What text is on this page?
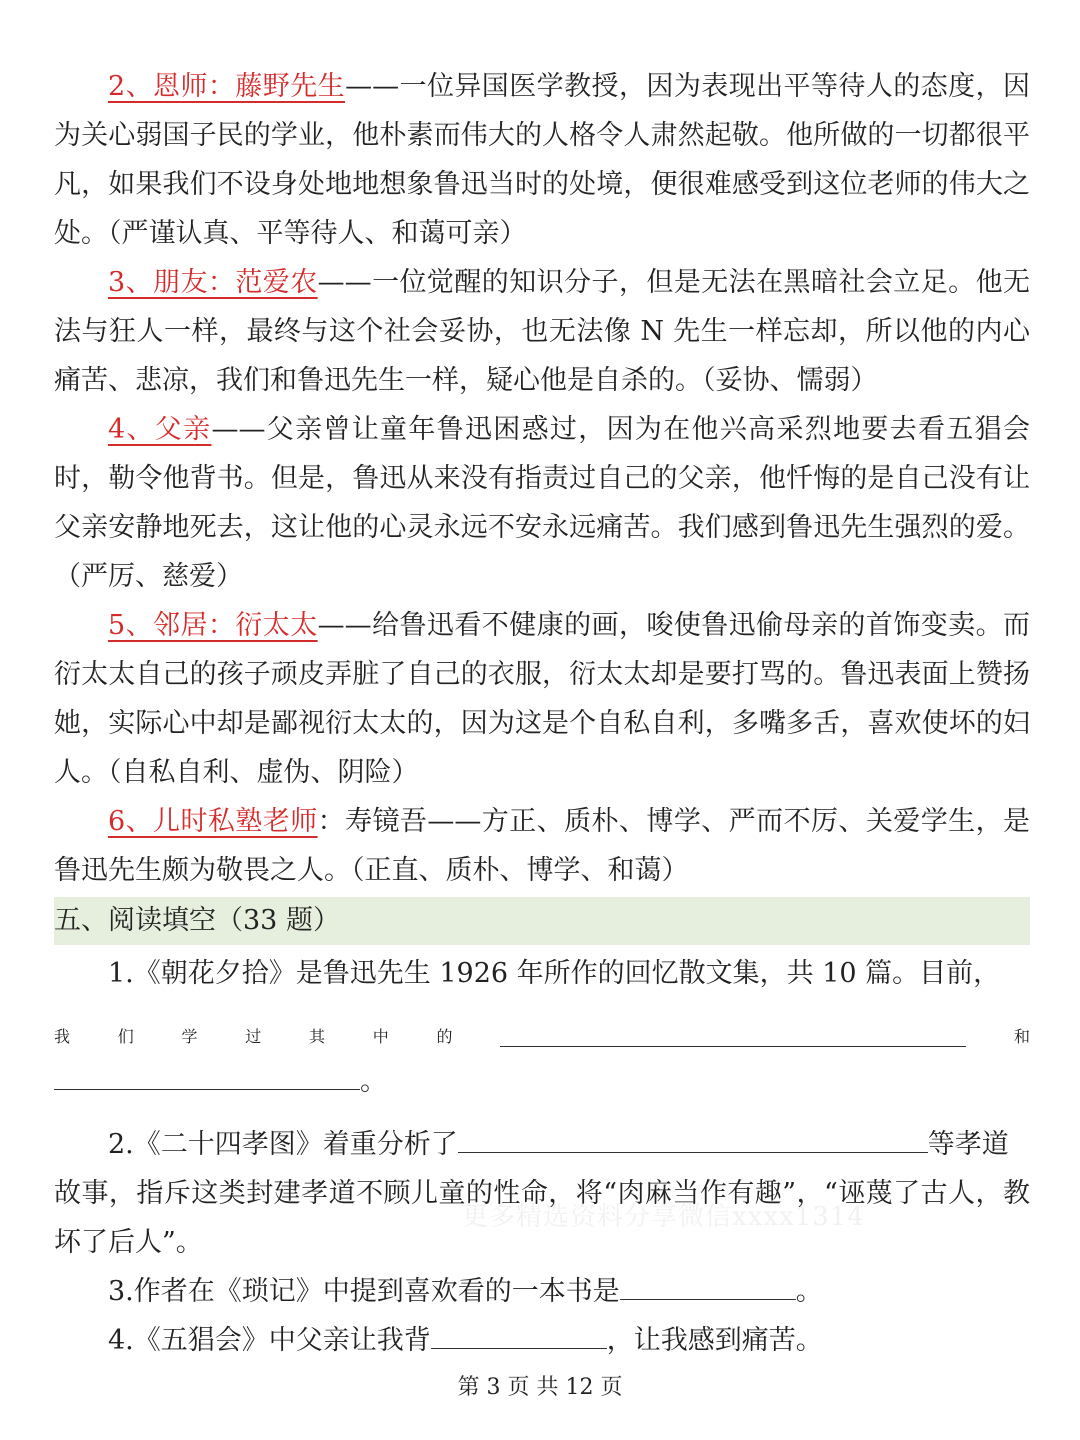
2、恩师：藤野先生——一位异国医学教授，因为表现出平等待人的态度，因为关心弱国子民的学业，他朴素而伟大的人格令人肃然起敬。他所做的一切都很平凡，如果我们不设身处地地想象鲁迅当时的处境，便很难感受到这位老师的伟大之处。（严谨认真、平等待人、和蔼可亲）

3、朋友：范爱农——一位觉醒的知识分子，但是无法在黑暗社会立足。他无法与狂人一样，最终与这个社会妥协，也无法像 N 先生一样忘却，所以他的内心痛苦、悲凉，我们和鲁迅先生一样，疑心他是自杀的。（妥协、懦弱）

4、父亲——父亲曾让童年鲁迅困惑过，因为在他兴高采烈地要去看五猖会时，勒令他背书。但是，鲁迅从来没有指责过自己的父亲，他忏悔的是自己没有让父亲安静地死去，这让他的心灵永远不安永远痛苦。我们感到鲁迅先生强烈的爱。（严厉、慈爱）

5、邻居：衍太太——给鲁迅看不健康的画，唆使鲁迅偷母亲的首饰变卖。而衍太太自己的孩子顽皮弄脏了自己的衣服，衍太太却是要打骂的。鲁迅表面上赞扬她，实际心中却是鄙视衍太太的，因为这是个自私自利，多嘴多舌，喜欢使坏的妇人。（自私自利、虚伪、阴险）

6、儿时私塾老师：寿镜吾——方正、质朴、博学、严而不厉、关爱学生，是鲁迅先生颇为敬畏之人。（正直、质朴、博学、和蔼）

五、阅读填空（33 题）

1.《朝花夕拾》是鲁迅先生 1926 年所作的回忆散文集，共 10 篇。目前，

我	们	学	过	其	中	的	和

。

2.《二十四孝图》着重分析了	等孝道

故事，指斥这类封建孝道不顾儿童的性命，将“肉麻当作有趣”，“诬蔑了古人，教坏了后人”。

3.作者在《琐记》中提到喜欢看的一本书是	。

4.《五猖会》中父亲让我背	，让我感到痛苦。

更多精选资料分享微信xxxx1314
第 3 页 共 12 页
